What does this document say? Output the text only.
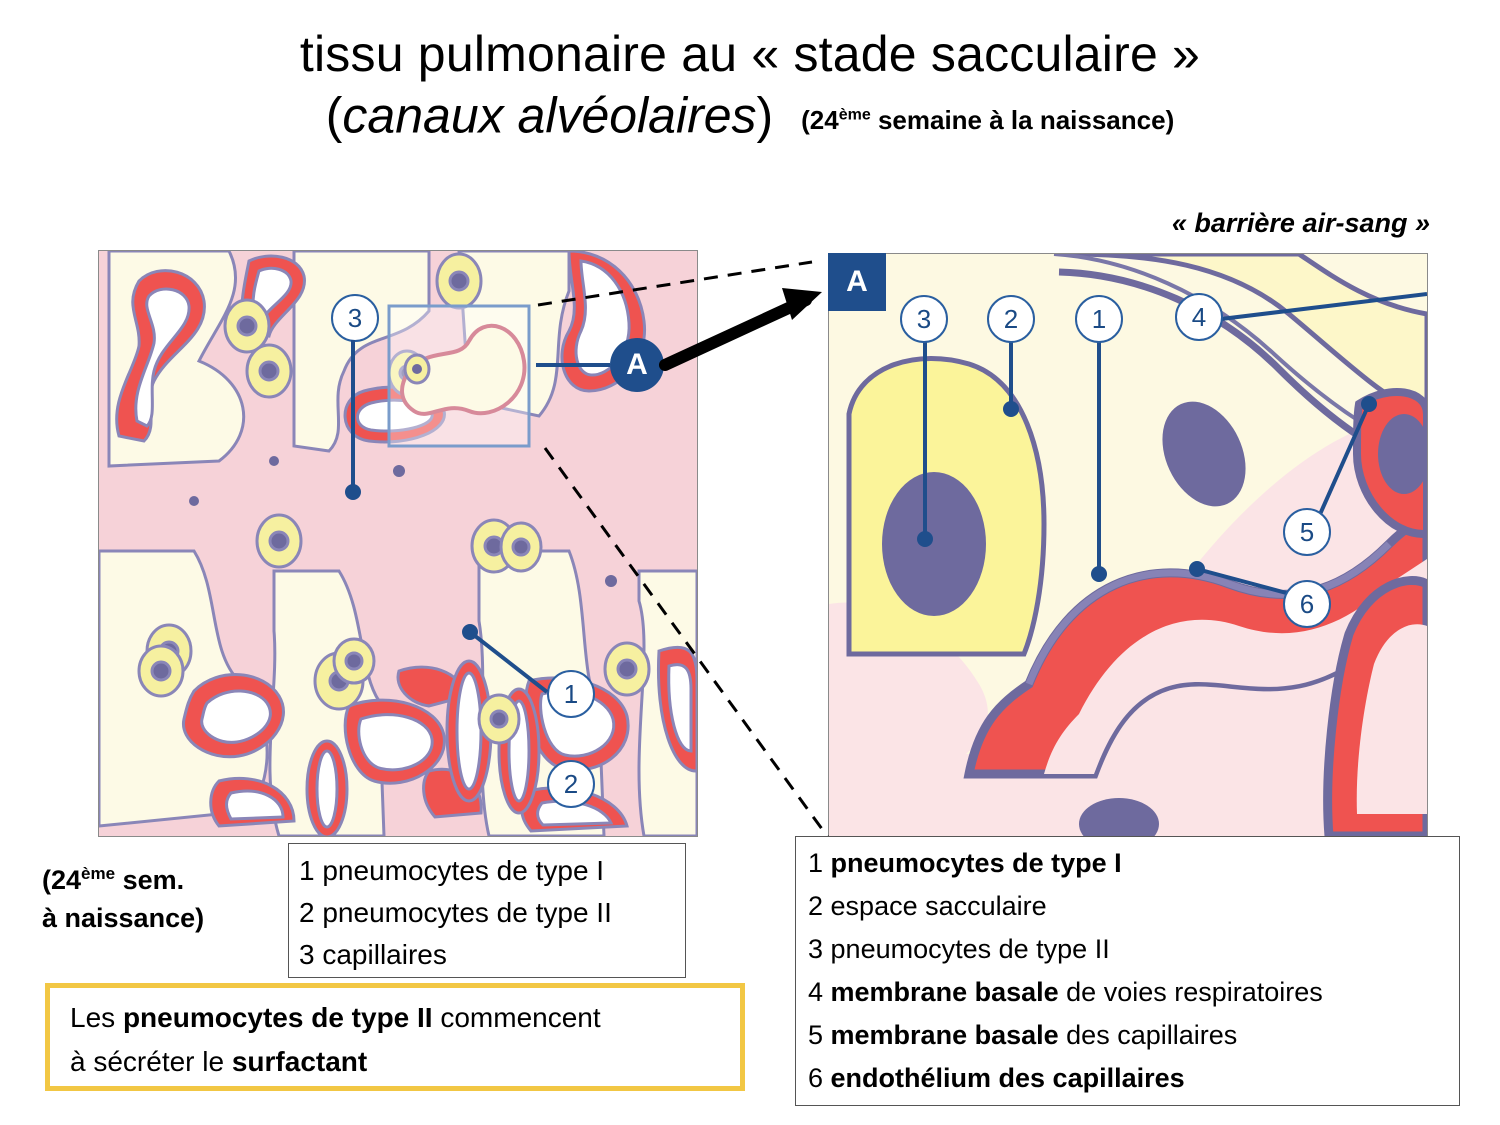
tissu pulmonaire au « stade sacculaire »
(canaux alvéolaires) (24ème semaine à la naissance)
« barrière air-sang »
A
3	2	1	4
5
6
3
1
2
A
(24ème sem.
à naissance)
1 pneumocytes de type I
2 pneumocytes de type II
3 capillaires
Les pneumocytes de type II commencent
à sécréter le surfactant
1 pneumocytes de type I
2 espace sacculaire
3 pneumocytes de type II
4 membrane basale de voies respiratoires
5 membrane basale des capillaires
6 endothélium des capillaires
